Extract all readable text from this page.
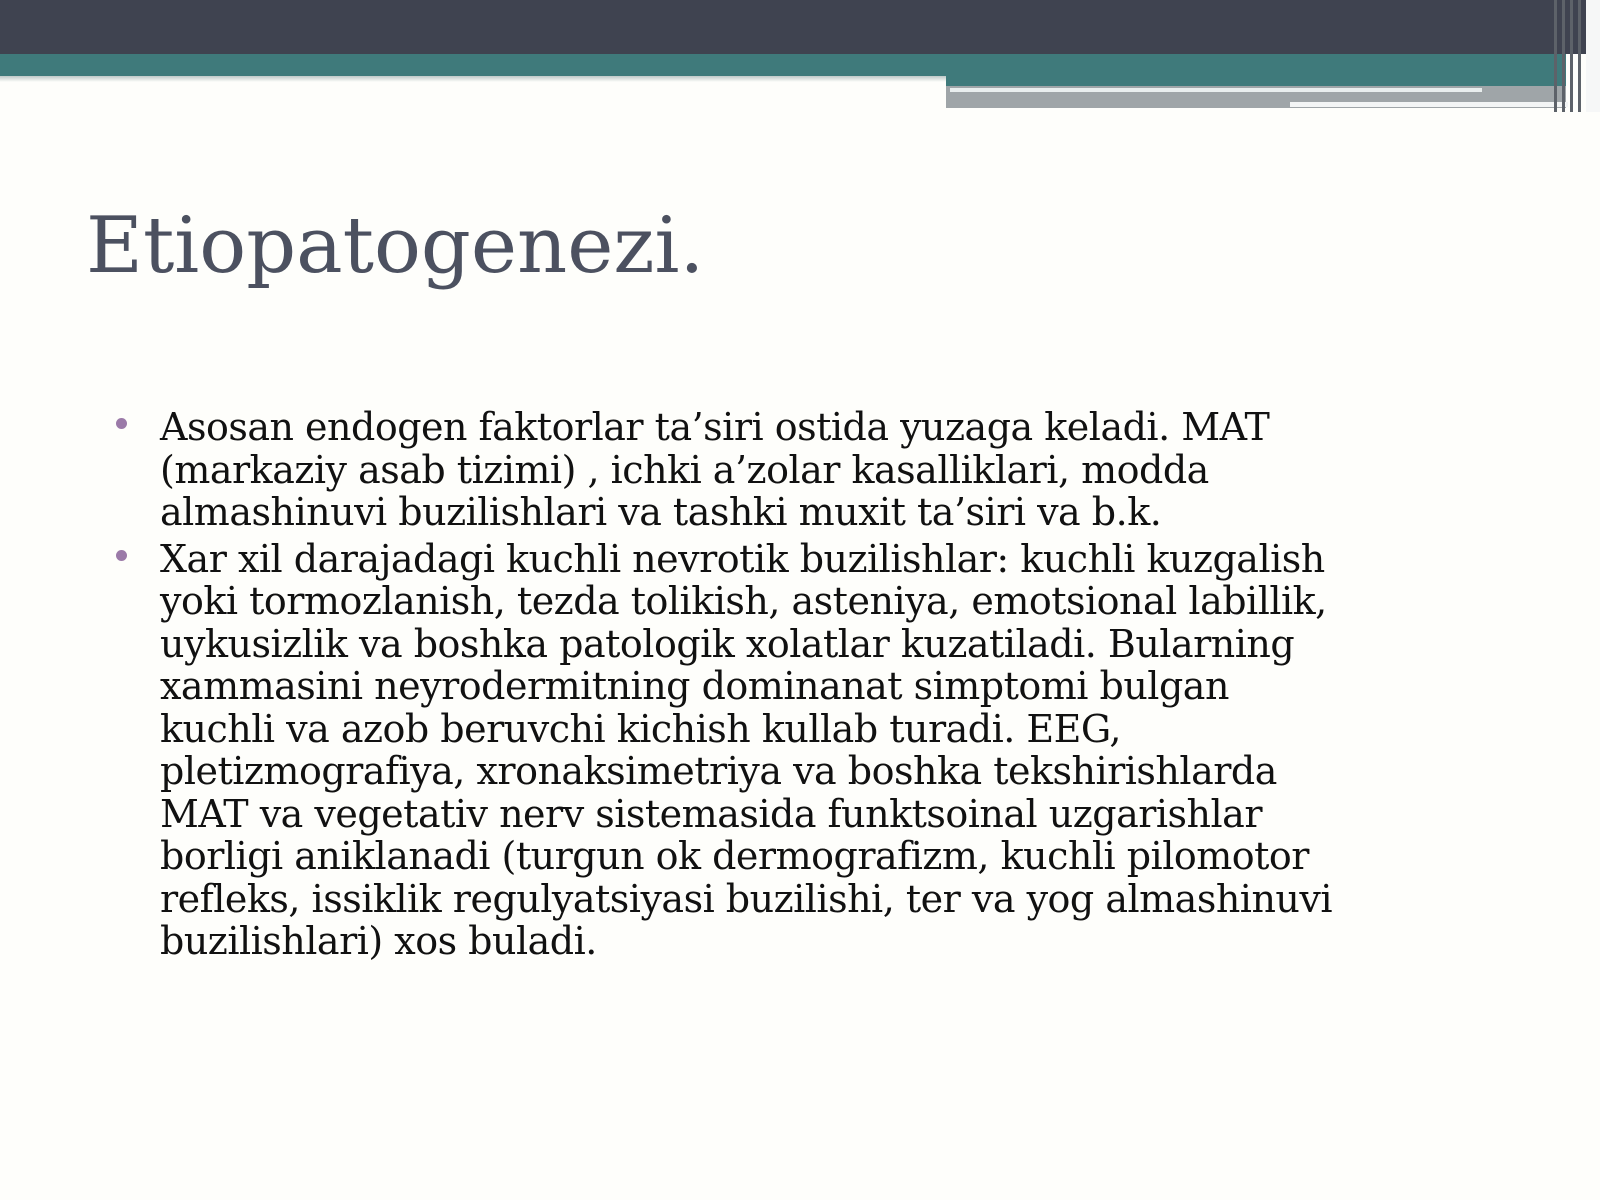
Etiopatogenezi.
Asosan endogen faktorlar ta’siri ostida yuzaga keladi. MAT
(markaziy asab tizimi) , ichki a’zolar kasalliklari, modda
almashinuvi buzilishlari va tashki muxit ta’siri va b.k.
Xar xil darajadagi kuchli nevrotik buzilishlar: kuchli kuzgalish
yoki tormozlanish, tezda tolikish, asteniya, emotsional labillik,
uykusizlik va boshka patologik xolatlar kuzatiladi. Bularning
xammasini neyrodermitning dominanat simptomi bulgan
kuchli va azob beruvchi kichish kullab turadi. EEG,
pletizmografiya, xronaksimetriya va boshka tekshirishlarda
MAT va vegetativ nerv sistemasida funktsoinal uzgarishlar
borligi aniklanadi (turgun ok dermografizm, kuchli pilomotor
refleks, issiklik regulyatsiyasi buzilishi, ter va yog almashinuvi
buzilishlari) xos buladi.
